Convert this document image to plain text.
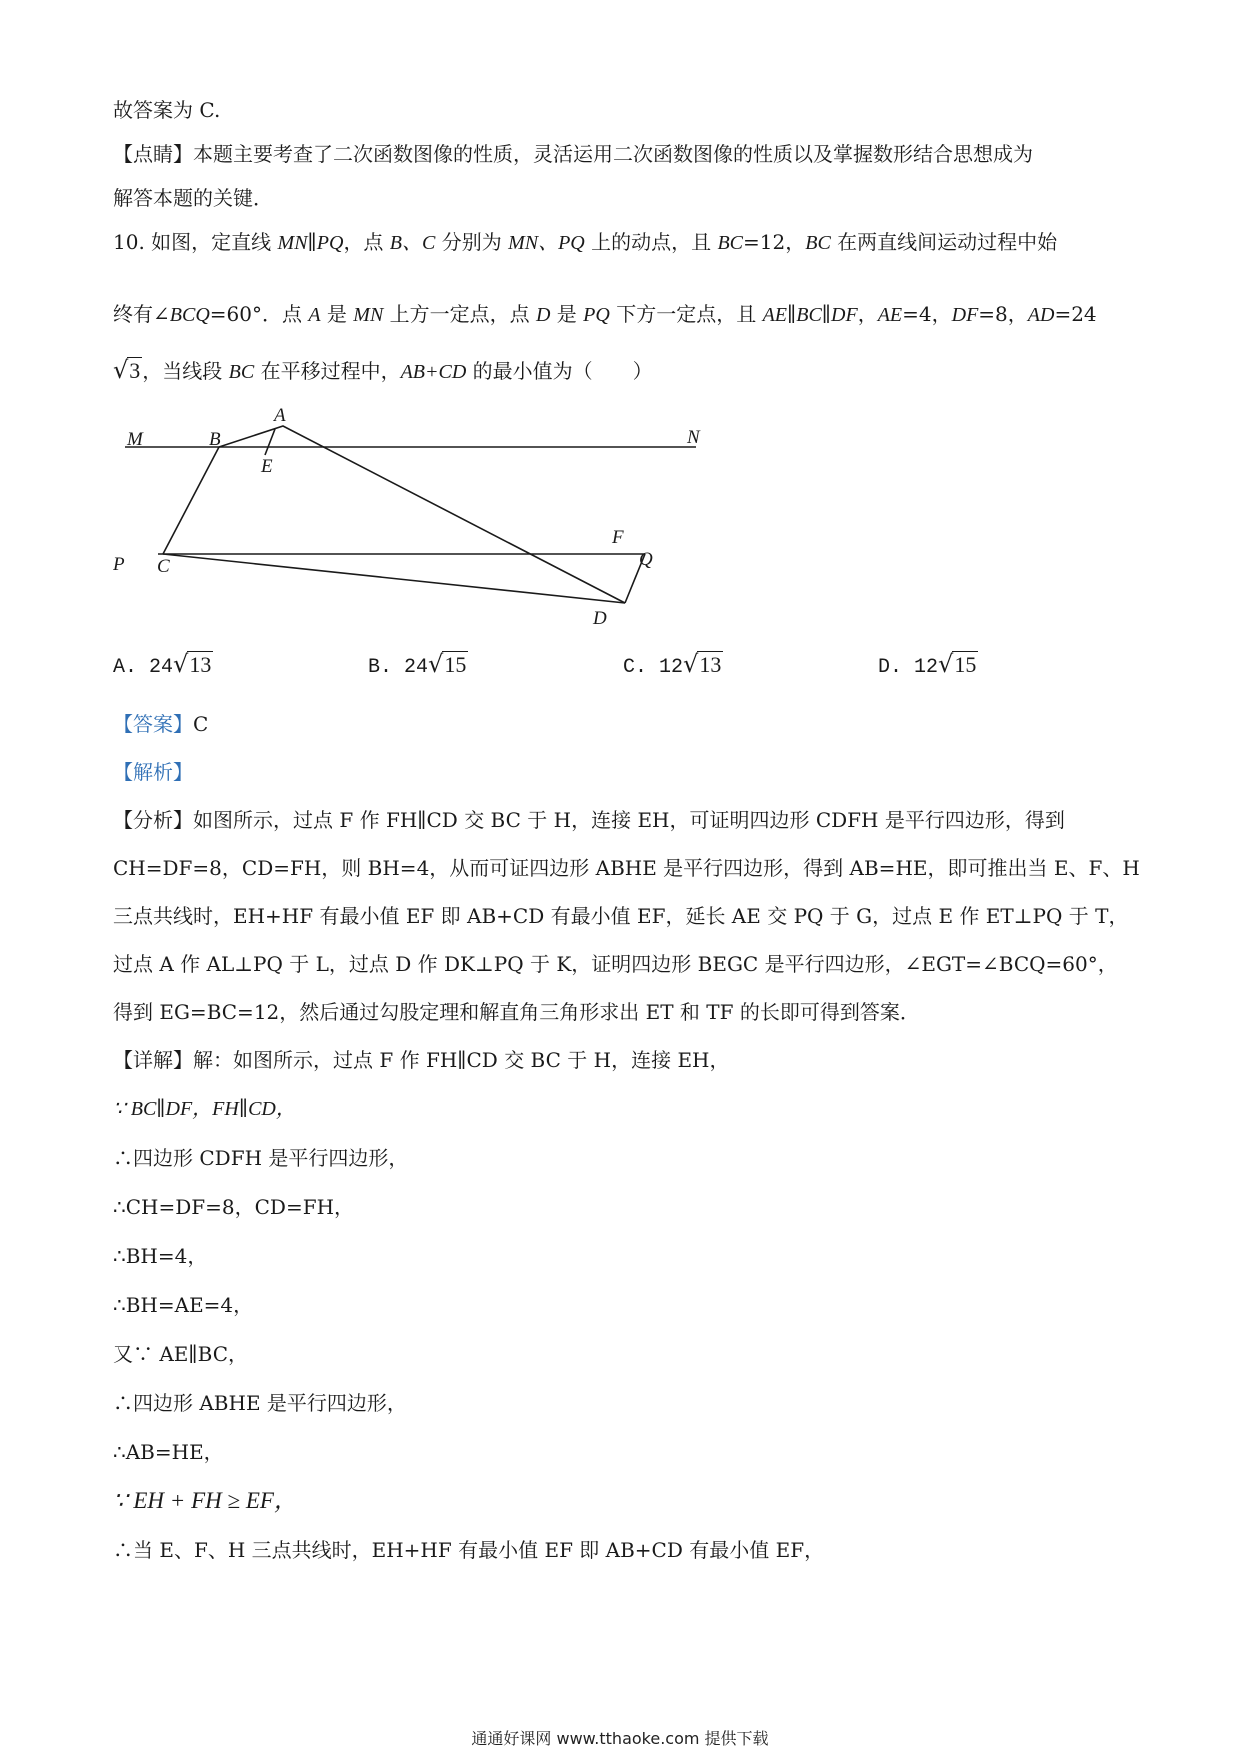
故答案为 C.
【点睛】本题主要考查了二次函数图像的性质，灵活运用二次函数图像的性质以及掌握数形结合思想成为
解答本题的关键．
10. 如图，定直线 MN∥PQ，点 B、C 分别为 MN、PQ 上的动点，且 BC=12，BC 在两直线间运动过程中始
终有∠BCQ=60°．点 A 是 MN 上方一定点，点 D 是 PQ 下方一定点，且 AE∥BC∥DF，AE=4，DF=8，AD=24
√3 ，当线段 BC 在平移过程中，AB+CD 的最小值为（　　）
M	N
A
B
E
F
P C	Q
D
A. 24√13	B. 24√15	C. 12√13	D. 12√15
【答案】C
【解析】
【分析】如图所示，过点 F 作 FH∥CD 交 BC 于 H，连接 EH，可证明四边形 CDFH 是平行四边形，得到
CH=DF=8，CD=FH，则 BH=4，从而可证四边形 ABHE 是平行四边形，得到 AB=HE，即可推出当 E、F、H
三点共线时，EH+HF 有最小值 EF 即 AB+CD 有最小值 EF，延长 AE 交 PQ 于 G，过点 E 作 ET⊥PQ 于 T，
过点 A 作 AL⊥PQ 于 L，过点 D 作 DK⊥PQ 于 K，证明四边形 BEGC 是平行四边形，∠EGT=∠BCQ=60°，
得到 EG=BC=12，然后通过勾股定理和解直角三角形求出 ET 和 TF 的长即可得到答案．
【详解】解：如图所示，过点 F 作 FH∥CD 交 BC 于 H，连接 EH，
∵ BC∥DF，FH∥CD，
∴四边形 CDFH 是平行四边形，
∴CH=DF=8，CD=FH，
∴BH=4，
∴BH=AE=4，
又∵ AE∥BC，
∴四边形 ABHE 是平行四边形，
∴AB=HE，
∵ EH + FH ≥ EF，
∴当 E、F、H 三点共线时，EH+HF 有最小值 EF 即 AB+CD 有最小值 EF，
通通好课网 www.tthaoke.com 提供下载
